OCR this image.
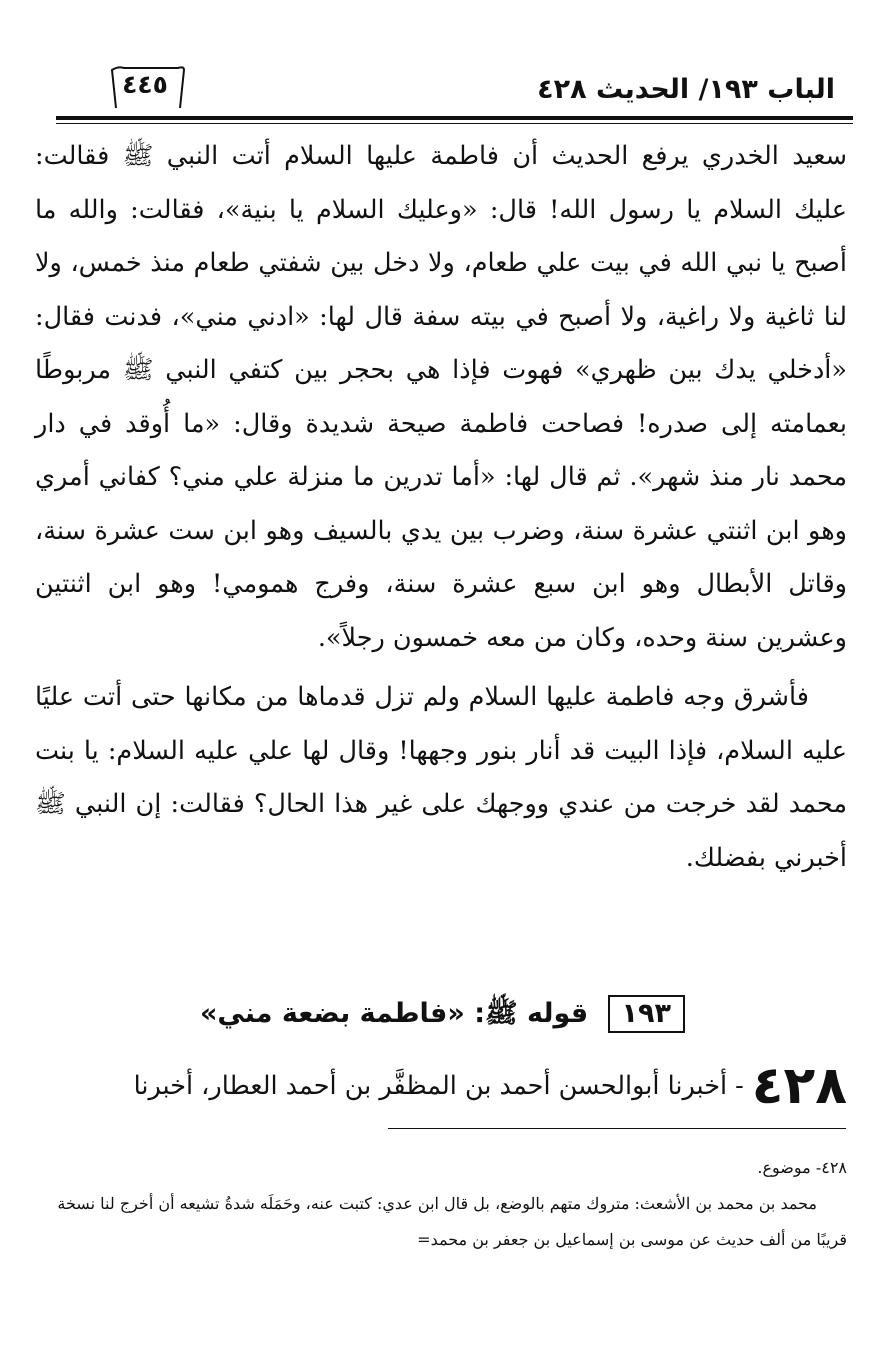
الباب ١٩٣/ الحديث ٤٢٨
٤٤٥

سعيد الخدري يرفع الحديث أن فاطمة عليها السلام أتت النبي ﷺ فقالت: عليك السلام يا رسول الله! قال: «وعليك السلام يا بنية»، فقالت: والله ما أصبح يا نبي الله في بيت علي طعام، ولا دخل بين شفتي طعام منذ خمس، ولا لنا ثاغية ولا راغية، ولا أصبح في بيته سفة قال لها: «ادني مني»، فدنت فقال: «أدخلي يدك بين ظهري» فهوت فإذا هي بحجر بين كتفي النبي ﷺ مربوطًا بعمامته إلى صدره! فصاحت فاطمة صيحة شديدة وقال: «ما أُوقد في دار محمد نار منذ شهر». ثم قال لها: «أما تدرين ما منزلة علي مني؟ كفاني أمري وهو ابن اثنتي عشرة سنة، وضرب بين يدي بالسيف وهو ابن ست عشرة سنة، وقاتل الأبطال وهو ابن سبع عشرة سنة، وفرج همومي! وهو ابن اثنتين وعشرين سنة وحده، وكان من معه خمسون رجلاً».

فأشرق وجه فاطمة عليها السلام ولم تزل قدماها من مكانها حتى أتت عليًا عليه السلام، فإذا البيت قد أنار بنور وجهها! وقال لها علي عليه السلام: يا بنت محمد لقد خرجت من عندي ووجهك على غير هذا الحال؟ فقالت: إن النبي ﷺ أخبرني بفضلك.

١٩٣ قوله ﷺ: «فاطمة بضعة مني»
٤٢٨
- أخبرنا أبوالحسن أحمد بن المظفَّر بن أحمد العطار، أخبرنا

٤٢٨- موضوع.

محمد بن محمد بن الأشعث: متروك متهم بالوضع، بل قال ابن عدي: كتبت عنه، وحَمَلَه شدةُ تشيعه أن أخرج لنا نسخة قريبًا من ألف حديث عن موسى بن إسماعيل بن جعفر بن محمد=
